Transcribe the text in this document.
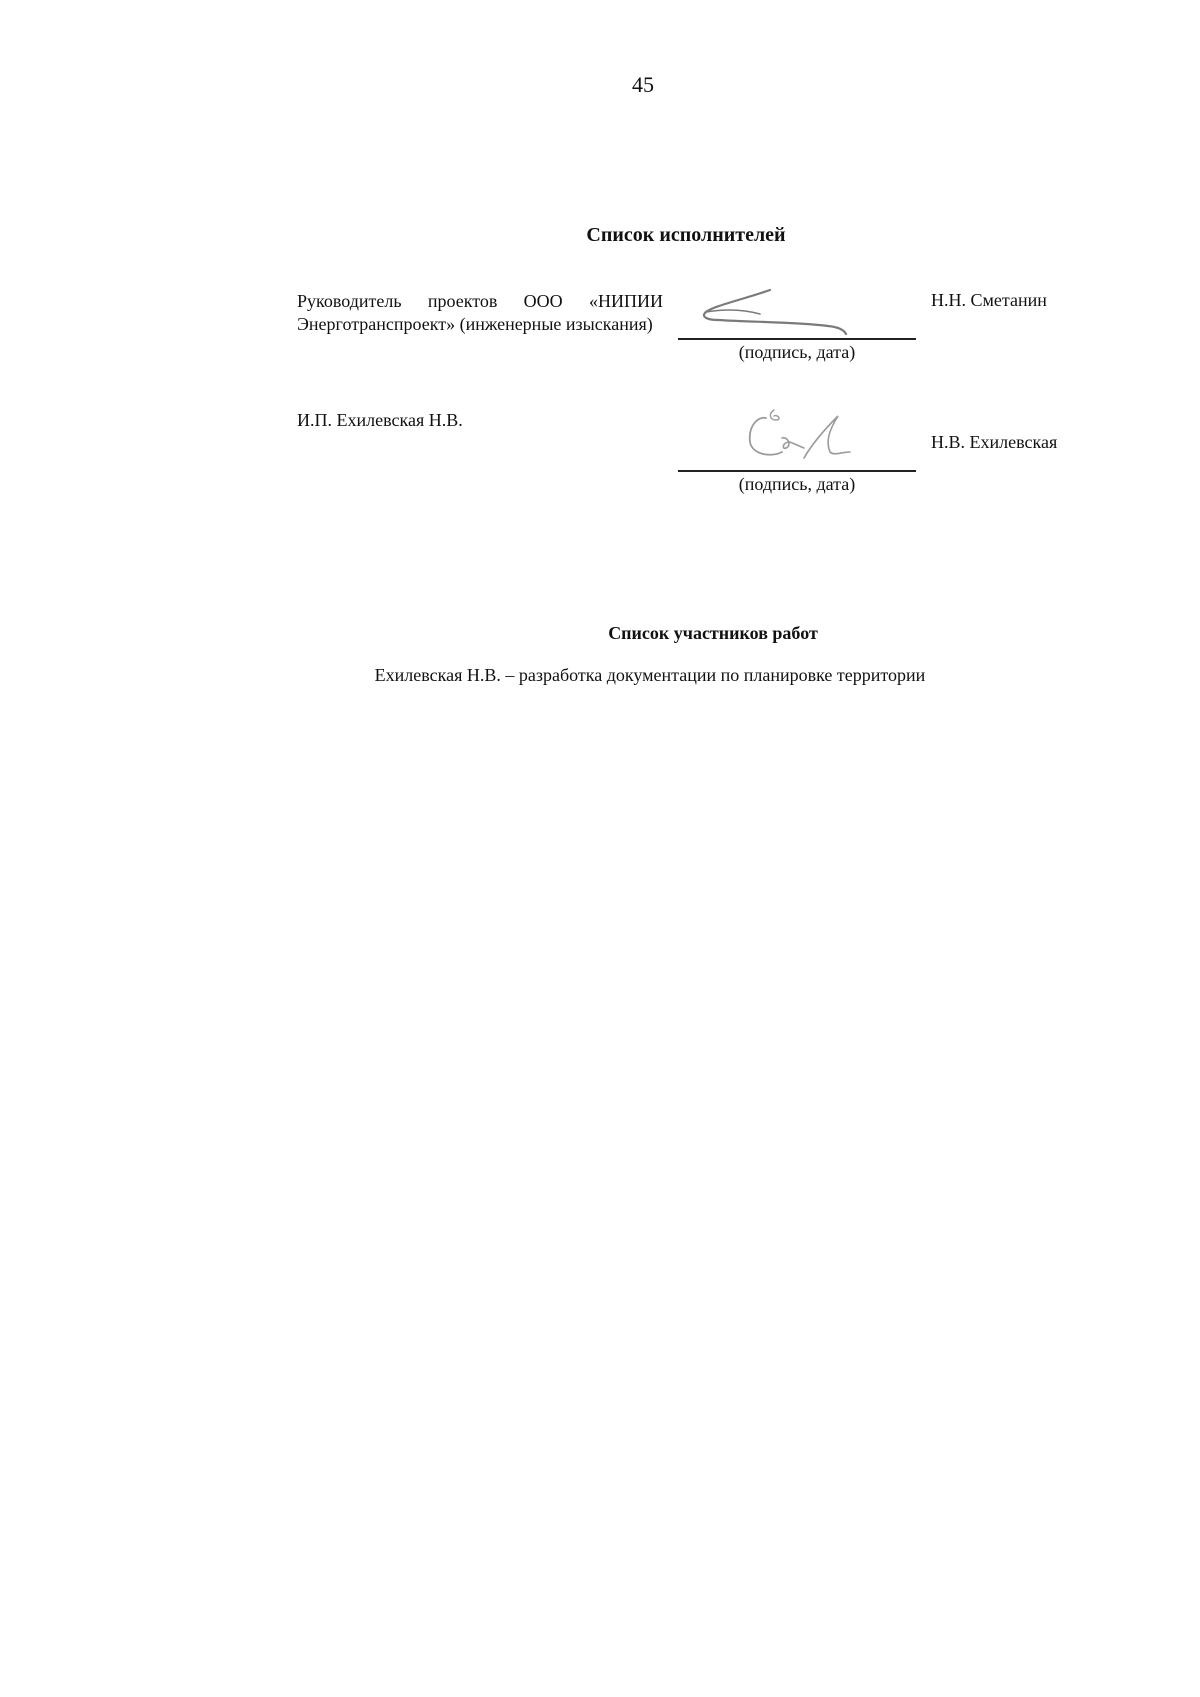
45
Список исполнителей
Руководитель проектов ООО «НИПИИ Энерготранспроект» (инженерные изыскания)
(подпись, дата)
Н.Н. Сметанин
И.П. Ехилевская Н.В.
(подпись, дата)
Н.В. Ехилевская
Список участников работ
Ехилевская Н.В. – разработка документации по планировке территории
